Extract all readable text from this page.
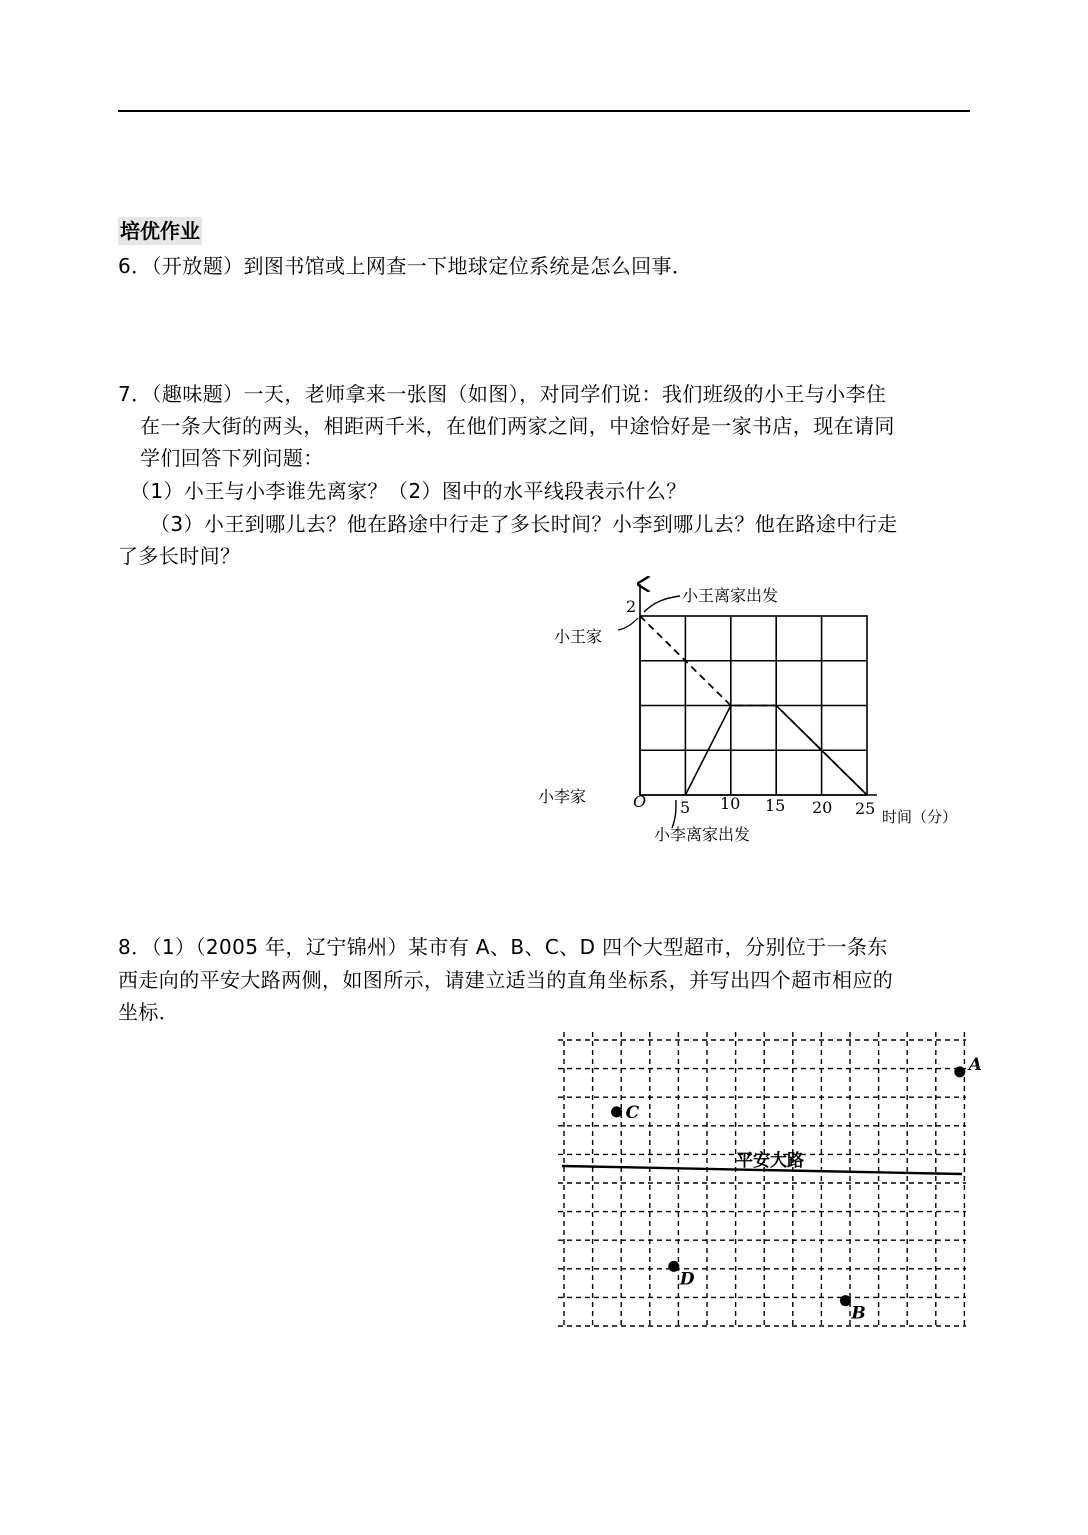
培优作业
6．（开放题）到图书馆或上网查一下地球定位系统是怎么回事．
7．（趣味题）一天，老师拿来一张图（如图），对同学们说：我们班级的小王与小李住
在一条大街的两头，相距两千米，在他们两家之间，中途恰好是一家书店，现在请同
学们回答下列问题：
（1）小王与小李谁先离家？（2）图中的水平线段表示什么？
（3）小王到哪儿去？他在路途中行走了多长时间？小李到哪儿去？他在路途中行走
了多长时间？
2
O 5 10 15 20 25 时间（分）
小王家
小李家
小王离家出发
小李离家出发
8．（1）（2005 年，辽宁锦州）某市有 A、B、C、D 四个大型超市，分别位于一条东
西走向的平安大路两侧，如图所示，请建立适当的直角坐标系，并写出四个超市相应的
坐标．
平安大路
A
C
D
B
